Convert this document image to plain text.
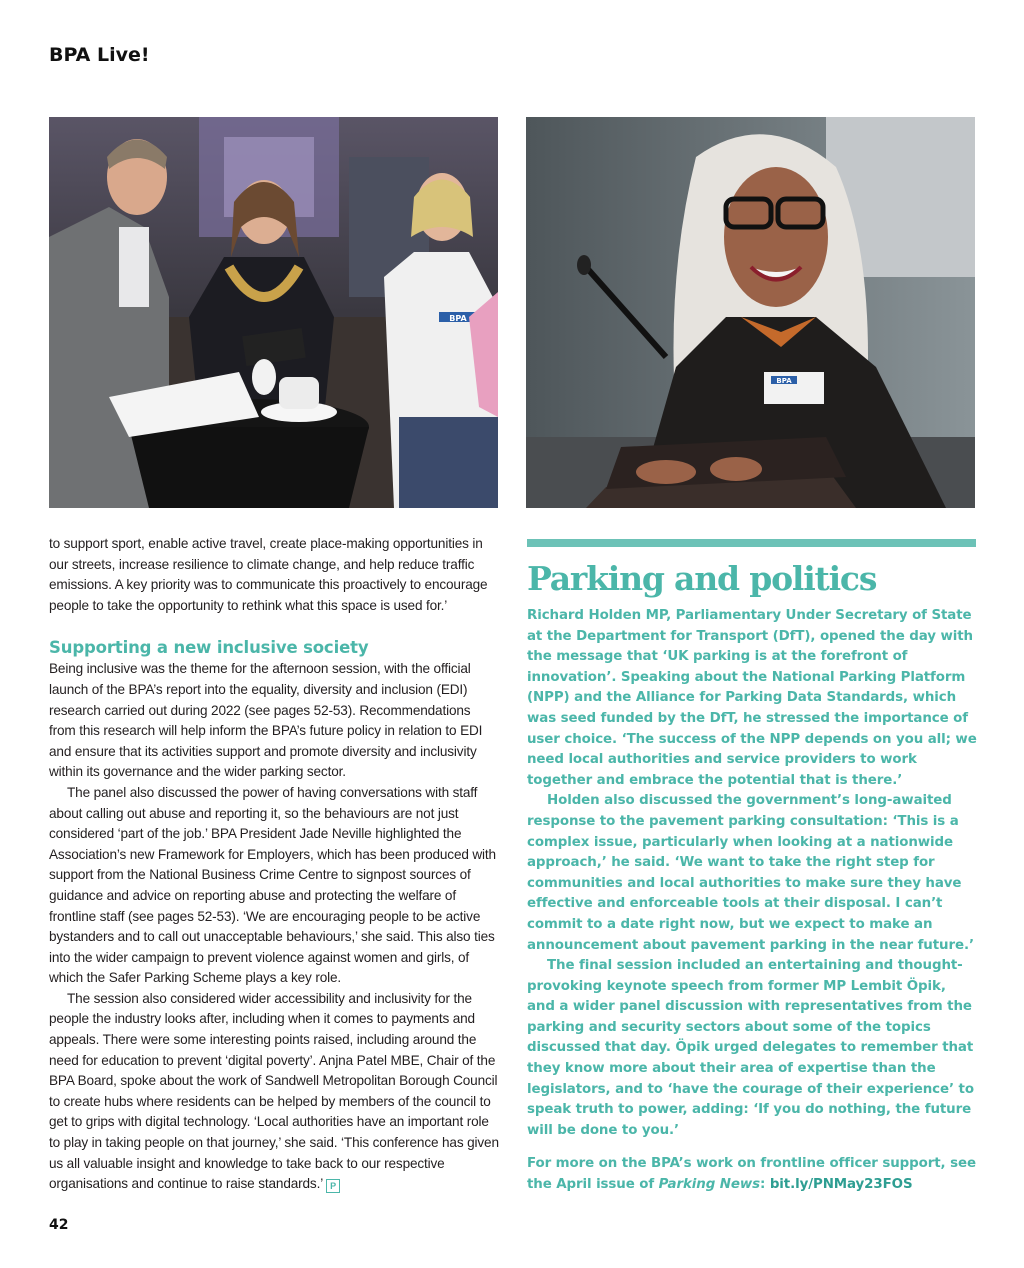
BPA Live!
BPA
BPA

to support sport, enable active travel, create place-making opportunities in our streets, increase resilience to climate change, and help reduce traffic emissions. A key priority was to communicate this proactively to encourage people to take the opportunity to rethink what this space is used for.’

Supporting a new inclusive society

Being inclusive was the theme for the afternoon session, with the official launch of the BPA’s report into the equality, diversity and inclusion (EDI) research carried out during 2022 (see pages 52-53). Recommendations from this research will help inform the BPA’s future policy in relation to EDI and ensure that its activities support and promote diversity and inclusivity within its governance and the wider parking sector.

The panel also discussed the power of having conversations with staff about calling out abuse and reporting it, so the behaviours are not just considered ‘part of the job.’ BPA President Jade Neville highlighted the Association’s new Framework for Employers, which has been produced with support from the National Business Crime Centre to signpost sources of guidance and advice on reporting abuse and protecting the welfare of frontline staff (see pages 52-53). ‘We are encouraging people to be active bystanders and to call out unacceptable behaviours,’ she said. This also ties into the wider campaign to prevent violence against women and girls, of which the Safer Parking Scheme plays a key role.

The session also considered wider accessibility and inclusivity for the people the industry looks after, including when it comes to payments and appeals. There were some interesting points raised, including around the need for education to prevent ‘digital poverty’. Anjna Patel MBE, Chair of the BPA Board, spoke about the work of Sandwell Metropolitan Borough Council to create hubs where residents can be helped by members of the council to get to grips with digital technology. ‘Local authorities have an important role to play in taking people on that journey,’ she said. ‘This conference has given us all valuable insight and knowledge to take back to our respective organisations and continue to raise standards.’ P

Parking and politics

Richard Holden MP, Parliamentary Under Secretary of State at the Department for Transport (DfT), opened the day with the message that ‘UK parking is at the forefront of innovation’. Speaking about the National Parking Platform (NPP) and the Alliance for Parking Data Standards, which was seed funded by the DfT, he stressed the importance of user choice. ‘The success of the NPP depends on you all; we need local authorities and service providers to work together and embrace the potential that is there.’

Holden also discussed the government’s long-awaited response to the pavement parking consultation: ‘This is a complex issue, particularly when looking at a nationwide approach,’ he said. ‘We want to take the right step for communities and local authorities to make sure they have effective and enforceable tools at their disposal. I can’t commit to a date right now, but we expect to make an announcement about pavement parking in the near future.’

The final session included an entertaining and thought-provoking keynote speech from former MP Lembit Öpik, and a wider panel discussion with representatives from the parking and security sectors about some of the topics discussed that day. Öpik urged delegates to remember that they know more about their area of expertise than the legislators, and to ‘have the courage of their experience’ to speak truth to power, adding: ‘If you do nothing, the future will be done to you.’

For more on the BPA’s work on frontline officer support, see the April issue of Parking News: bit.ly/PNMay23FOS
42
